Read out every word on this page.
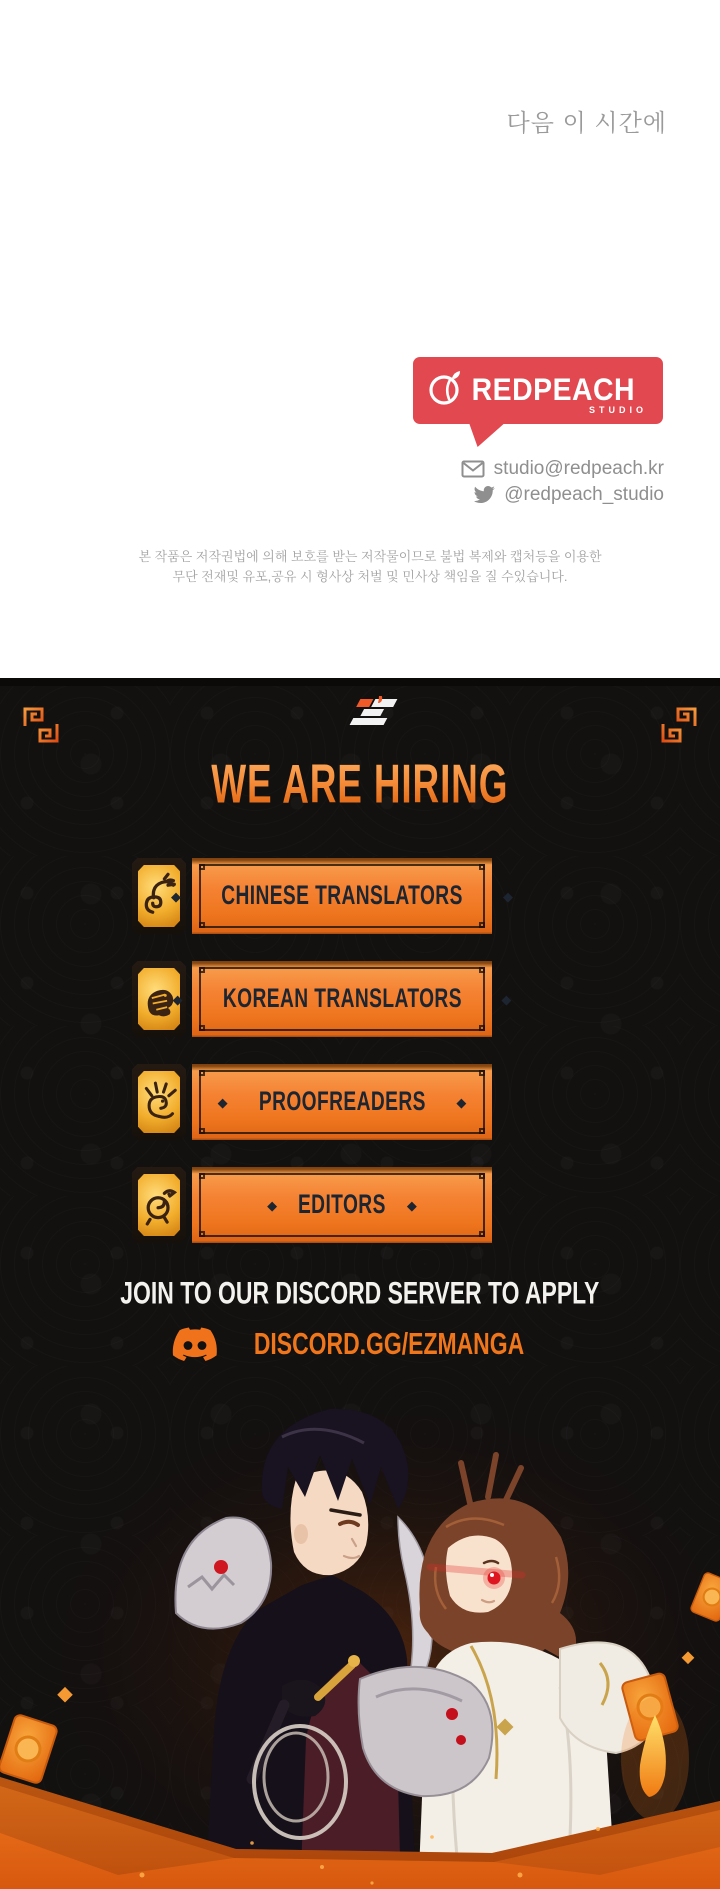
다음 이 시간에
REDPEACH
STUDIO
studio@redpeach.kr
@redpeach_studio
본 작품은 저작권법에 의해 보호를 받는 저작물이므로 불법 복제와 캡처등을 이용한
무단 전재및 유포,공유 시 형사상 처벌 및 민사상 책임을 질 수있습니다.
WE ARE HIRING
◆ CHINESE TRANSLATORS	◆
◆ KOREAN TRANSLATORS	◆
◆ PROOFREADERS ◆
◆ EDITORS ◆
JOIN TO OUR DISCORD SERVER TO APPLY
DISCORD.GG/EZMANGA
